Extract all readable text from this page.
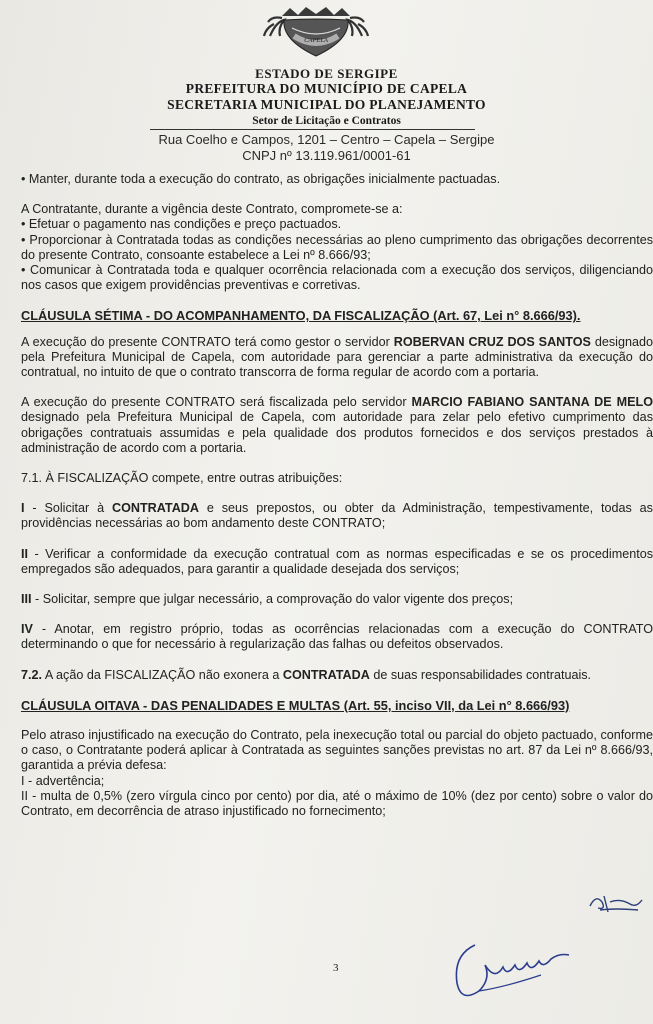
CAPELA
ESTADO DE SERGIPE
PREFEITURA DO MUNICÍPIO DE CAPELA
SECRETARIA MUNICIPAL DO PLANEJAMENTO
Setor de Licitação e Contratos
Rua Coelho e Campos, 1201 – Centro – Capela – Sergipe
CNPJ nº 13.119.961/0001-61

• Manter, durante toda a execução do contrato, as obrigações inicialmente pactuadas.

A Contratante, durante a vigência deste Contrato, compromete-se a:

• Efetuar o pagamento nas condições e preço pactuados.

• Proporcionar à Contratada todas as condições necessárias ao pleno cumprimento das obrigações decorrentes do presente Contrato, consoante estabelece a Lei nº 8.666/93;

• Comunicar à Contratada toda e qualquer ocorrência relacionada com a execução dos serviços, diligenciando nos casos que exigem providências preventivas e corretivas.

CLÁUSULA SÉTIMA - DO ACOMPANHAMENTO, DA FISCALIZAÇÃO (Art. 67, Lei n° 8.666/93).

A execução do presente CONTRATO terá como gestor o servidor ROBERVAN CRUZ DOS SANTOS designado pela Prefeitura Municipal de Capela, com autoridade para gerenciar a parte administrativa da execução do contratual, no intuito de que o contrato transcorra de forma regular de acordo com a portaria.

A execução do presente CONTRATO será fiscalizada pelo servidor MARCIO FABIANO SANTANA DE MELO designado pela Prefeitura Municipal de Capela, com autoridade para zelar pelo efetivo cumprimento das obrigações contratuais assumidas e pela qualidade dos produtos fornecidos e dos serviços prestados à administração de acordo com a portaria.

7.1. À FISCALIZAÇÃO compete, entre outras atribuições:

I - Solicitar à CONTRATADA e seus prepostos, ou obter da Administração, tempestivamente, todas as providências necessárias ao bom andamento deste CONTRATO;

II - Verificar a conformidade da execução contratual com as normas especificadas e se os procedimentos empregados são adequados, para garantir a qualidade desejada dos serviços;

III - Solicitar, sempre que julgar necessário, a comprovação do valor vigente dos preços;

IV - Anotar, em registro próprio, todas as ocorrências relacionadas com a execução do CONTRATO determinando o que for necessário à regularização das falhas ou defeitos observados.

7.2. A ação da FISCALIZAÇÃO não exonera a CONTRATADA de suas responsabilidades contratuais.

CLÁUSULA OITAVA - DAS PENALIDADES E MULTAS (Art. 55, inciso VII, da Lei n° 8.666/93)

Pelo atraso injustificado na execução do Contrato, pela inexecução total ou parcial do objeto pactuado, conforme o caso, o Contratante poderá aplicar à Contratada as seguintes sanções previstas no art. 87 da Lei nº 8.666/93, garantida a prévia defesa:

I - advertência;

II - multa de 0,5% (zero vírgula cinco por cento) por dia, até o máximo de 10% (dez por cento) sobre o valor do Contrato, em decorrência de atraso injustificado no fornecimento;

3
